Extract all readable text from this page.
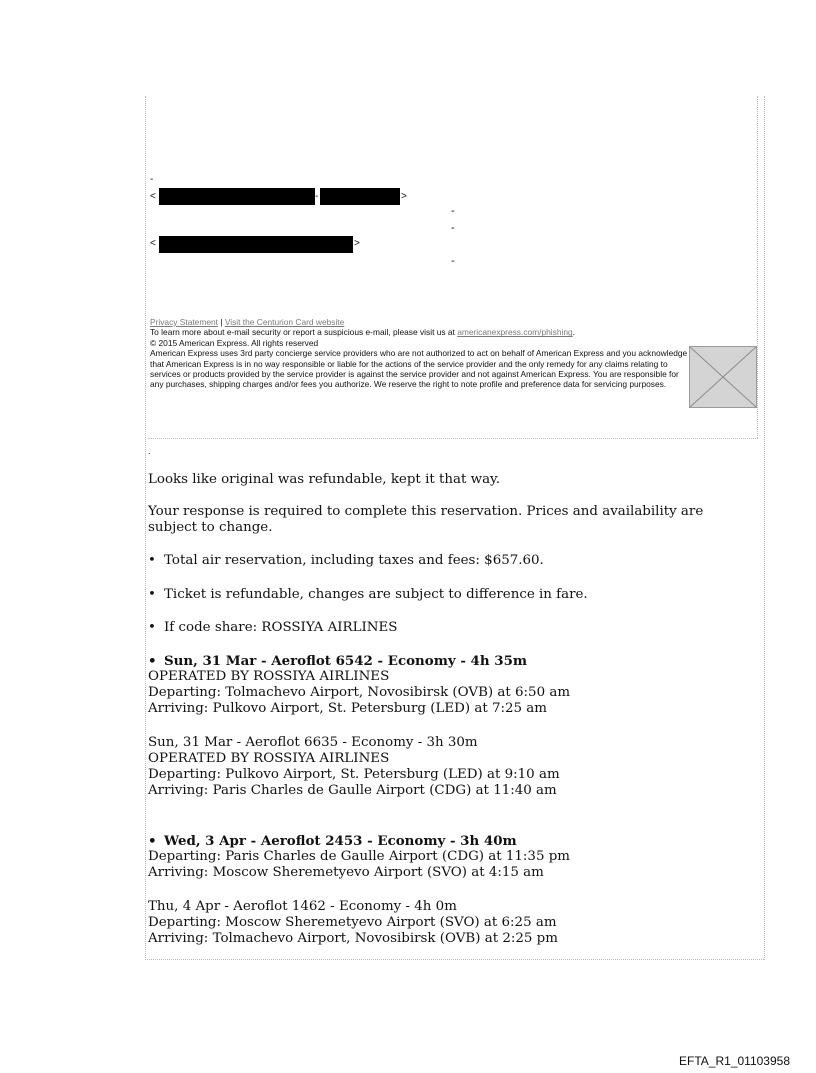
-
<	-	>
-
-
<	>
-
Privacy Statement | Visit the Centurion Card website
To learn more about e-mail security or report a suspicious e-mail, please visit us at americanexpress.com/phishing.
© 2015 American Express. All rights reserved
American Express uses 3rd party concierge service providers who are not authorized to act on behalf of American Express and you acknowledge that American Express is in no way responsible or liable for the actions of the service provider and the only remedy for any claims relating to services or products provided by the service provider is against the service provider and not against American Express. You are responsible for any purchases, shipping charges and/or fees you authorize. We reserve the right to note profile and preference data for servicing purposes.
.
Looks like original was refundable, kept it that way.
Your response is required to complete this reservation. Prices and availability are subject to change.
• Total air reservation, including taxes and fees: $657.60.
• Ticket is refundable, changes are subject to difference in fare.
• If code share: ROSSIYA AIRLINES
• Sun, 31 Mar - Aeroflot 6542 - Economy - 4h 35m
OPERATED BY ROSSIYA AIRLINES
Departing: Tolmachevo Airport, Novosibirsk (OVB) at 6:50 am
Arriving: Pulkovo Airport, St. Petersburg (LED) at 7:25 am
Sun, 31 Mar - Aeroflot 6635 - Economy - 3h 30m
OPERATED BY ROSSIYA AIRLINES
Departing: Pulkovo Airport, St. Petersburg (LED) at 9:10 am
Arriving: Paris Charles de Gaulle Airport (CDG) at 11:40 am
• Wed, 3 Apr - Aeroflot 2453 - Economy - 3h 40m
Departing: Paris Charles de Gaulle Airport (CDG) at 11:35 pm
Arriving: Moscow Sheremetyevo Airport (SVO) at 4:15 am
Thu, 4 Apr - Aeroflot 1462 - Economy - 4h 0m
Departing: Moscow Sheremetyevo Airport (SVO) at 6:25 am
Arriving: Tolmachevo Airport, Novosibirsk (OVB) at 2:25 pm
EFTA_R1_01103958
